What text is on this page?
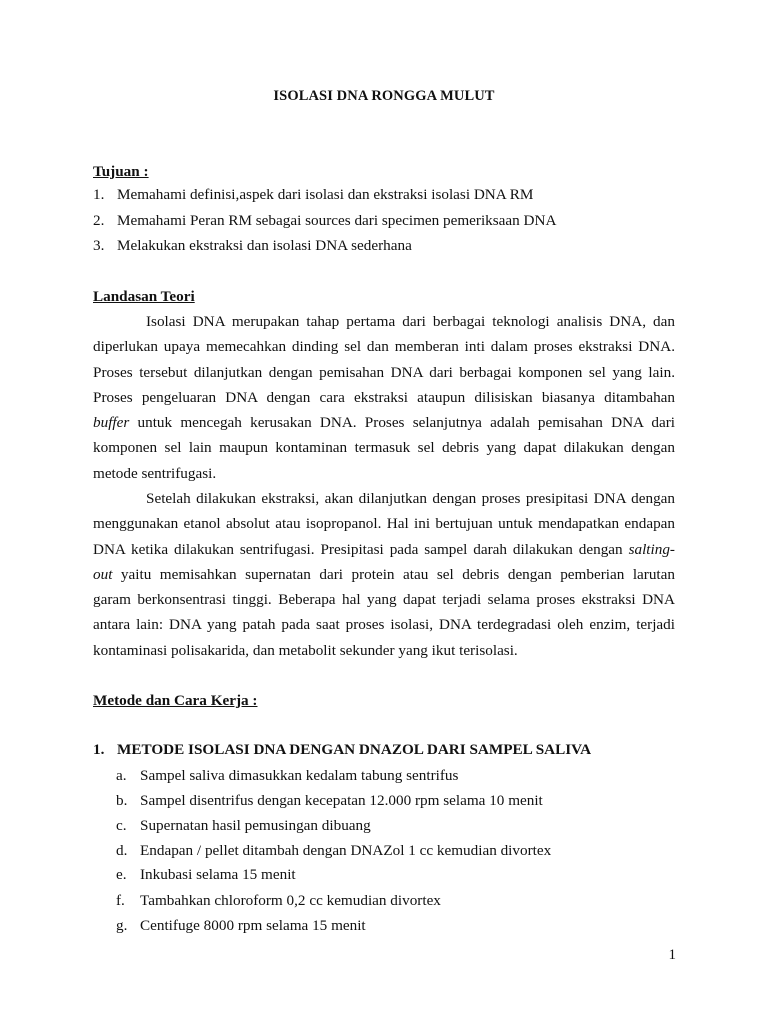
ISOLASI DNA RONGGA MULUT
Tujuan :
1. Memahami definisi,aspek dari isolasi dan ekstraksi isolasi DNA RM
2. Memahami Peran RM sebagai sources dari specimen pemeriksaan DNA
3. Melakukan ekstraksi dan isolasi DNA sederhana
Landasan Teori
Isolasi DNA merupakan tahap pertama dari berbagai teknologi analisis DNA, dan
diperlukan upaya memecahkan dinding sel dan memberan inti dalam proses ekstraksi DNA.
Proses tersebut dilanjutkan dengan pemisahan DNA dari berbagai komponen sel yang lain.
Proses pengeluaran DNA dengan cara ekstraksi ataupun dilisiskan biasanya ditambahan
buffer untuk mencegah kerusakan DNA. Proses selanjutnya adalah pemisahan DNA dari
komponen sel lain maupun kontaminan termasuk sel debris yang dapat dilakukan dengan
metode sentrifugasi.
Setelah dilakukan ekstraksi, akan dilanjutkan dengan proses presipitasi DNA dengan
menggunakan etanol absolut atau isopropanol. Hal ini bertujuan untuk mendapatkan endapan
DNA ketika dilakukan sentrifugasi. Presipitasi pada sampel darah dilakukan dengan salting-
out yaitu memisahkan supernatan dari protein atau sel debris dengan pemberian larutan
garam berkonsentrasi tinggi. Beberapa hal yang dapat terjadi selama proses ekstraksi DNA
antara lain: DNA yang patah pada saat proses isolasi, DNA terdegradasi oleh enzim, terjadi
kontaminasi polisakarida, dan metabolit sekunder yang ikut terisolasi.
Metode dan Cara Kerja :
1. METODE ISOLASI DNA DENGAN DNAZOL DARI SAMPEL SALIVA
a. Sampel saliva dimasukkan kedalam tabung sentrifus
b. Sampel disentrifus dengan kecepatan 12.000 rpm selama 10 menit
c. Supernatan hasil pemusingan dibuang
d. Endapan / pellet ditambah dengan DNAZol 1 cc kemudian divortex
e. Inkubasi selama 15 menit
f. Tambahkan chloroform 0,2 cc kemudian divortex
g. Centifuge 8000 rpm selama 15 menit
1
